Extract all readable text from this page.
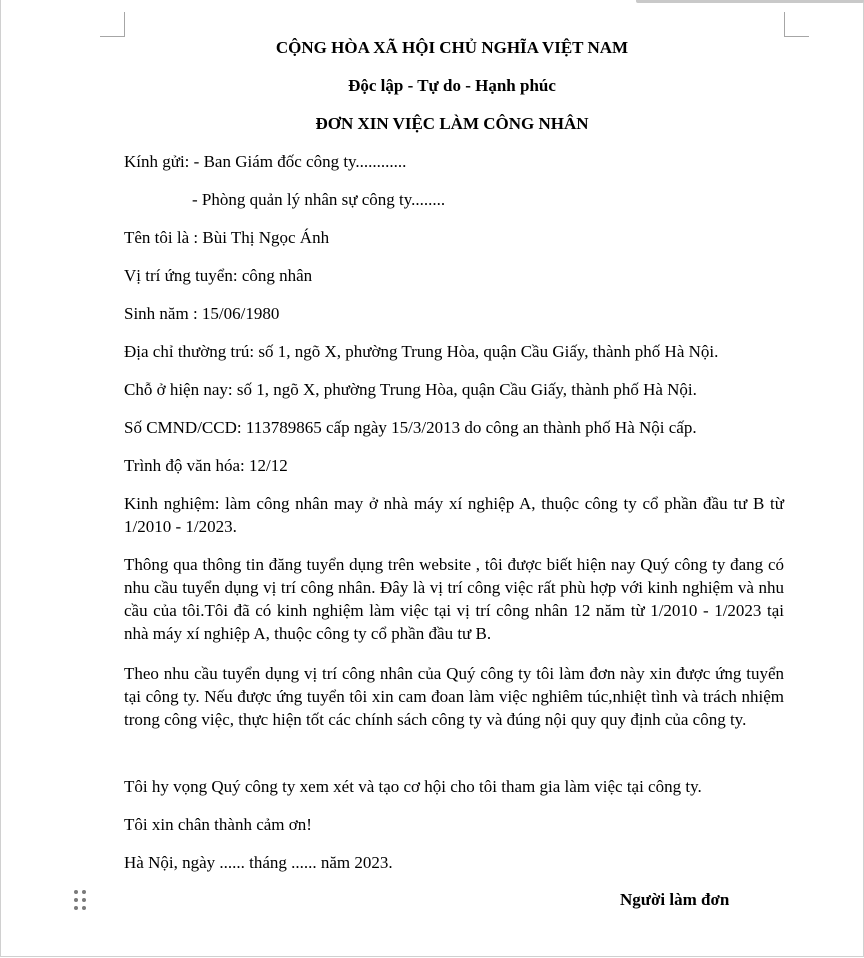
CỘNG HÒA XÃ HỘI CHỦ NGHĨA VIỆT NAM
Độc lập - Tự do - Hạnh phúc
ĐƠN XIN VIỆC LÀM CÔNG NHÂN
Kính gửi: - Ban Giám đốc công ty............
- Phòng quản lý nhân sự công ty........
Tên tôi là : Bùi Thị Ngọc Ánh
Vị trí ứng tuyển: công nhân
Sinh năm : 15/06/1980
Địa chỉ thường trú: số 1, ngõ X, phường Trung Hòa, quận Cầu Giấy, thành phố Hà Nội.
Chỗ ở hiện nay: số 1, ngõ X, phường Trung Hòa, quận Cầu Giấy, thành phố Hà Nội.
Số CMND/CCD: 113789865 cấp ngày 15/3/2013 do công an thành phố Hà Nội cấp.
Trình độ văn hóa: 12/12
Kinh nghiệm: làm công nhân may ở nhà máy xí nghiệp A, thuộc công ty cổ phần đầu tư B từ 1/2010 - 1/2023.
Thông qua thông tin đăng tuyển dụng trên website , tôi được biết hiện nay Quý công ty đang có nhu cầu tuyển dụng vị trí công nhân. Đây là vị trí công việc rất phù hợp với kinh nghiệm và nhu cầu của tôi.Tôi đã có kinh nghiệm làm việc tại vị trí công nhân 12 năm từ 1/2010 - 1/2023 tại nhà máy xí nghiệp A, thuộc công ty cổ phần đầu tư B.
Theo nhu cầu tuyển dụng vị trí công nhân của Quý công ty tôi làm đơn này xin được ứng tuyển tại công ty. Nếu được ứng tuyển tôi xin cam đoan làm việc nghiêm túc,nhiệt tình và trách nhiệm trong công việc, thực hiện tốt các chính sách công ty và đúng nội quy quy định của công ty.
Tôi hy vọng Quý công ty xem xét và tạo cơ hội cho tôi tham gia làm việc tại công ty.
Tôi xin chân thành cảm ơn!
Hà Nội, ngày ...... tháng ...... năm 2023.
Người làm đơn
